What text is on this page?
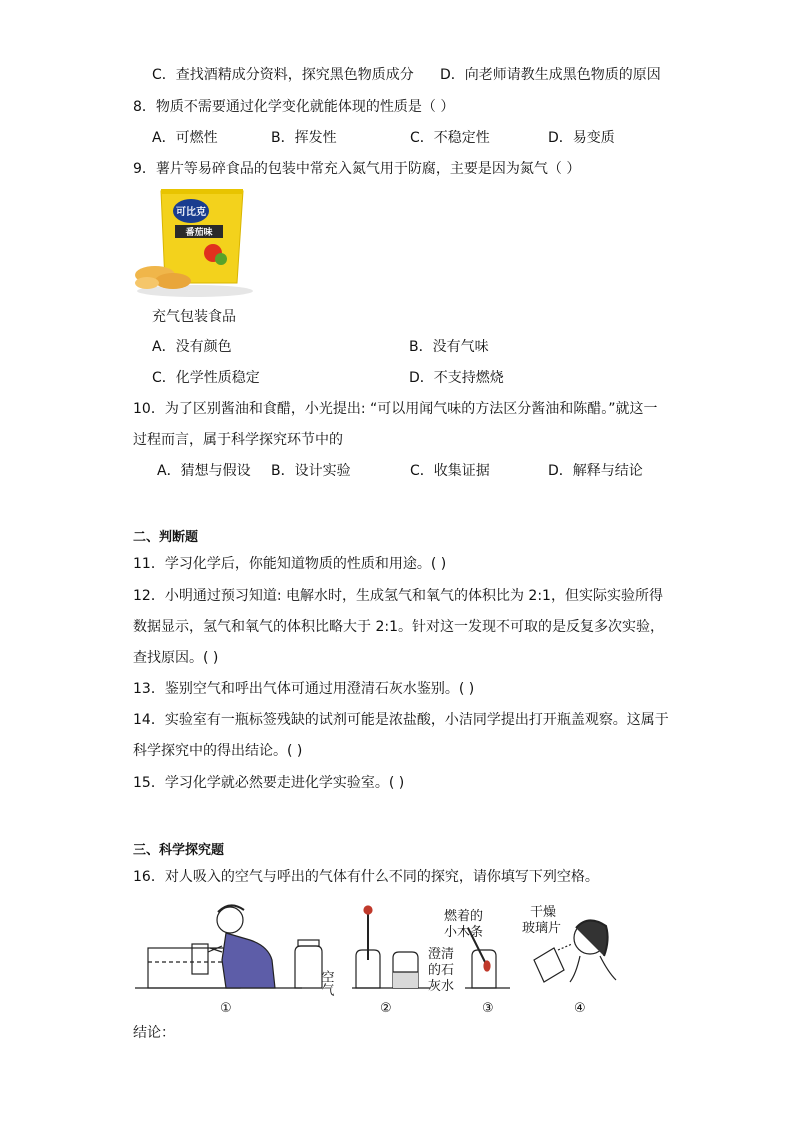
C．查找酒精成分资料，探究黑色物质成分 D．向老师请教生成黑色物质的原因
8．物质不需要通过化学变化就能体现的性质是（ ）
A．可燃性	B．挥发性	C．不稳定性	D．易变质
9．薯片等易碎食品的包装中常充入氮气用于防腐，主要是因为氮气（ ）
可比克
番茄味
充气包装食品
A．没有颜色	B．没有气味
C．化学性质稳定	D．不支持燃烧
10．为了区别酱油和食醋，小光提出: “可以用闻气味的方法区分酱油和陈醋。”就这一
过程而言，属于科学探究环节中的
A．猜想与假设 B．设计实验	C．收集证据	D．解释与结论
二、判断题
11．学习化学后，你能知道物质的性质和用途。( )
12．小明通过预习知道: 电解水时，生成氢气和氧气的体积比为 2:1，但实际实验所得
数据显示，氢气和氧气的体积比略大于 2:1。针对这一发现不可取的是反复多次实验，
查找原因。( )
13．鉴别空气和呼出气体可通过用澄清石灰水鉴别。( )
14．实验室有一瓶标签残缺的试剂可能是浓盐酸，小洁同学提出打开瓶盖观察。这属于
科学探究中的得出结论。( )
15．学习化学就必然要走进化学实验室。( )
三、科学探究题
16．对人吸入的空气与呼出的气体有什么不同的探究，请你填写下列空格。
空气
①
澄清
的石
灰水
②
燃着的
小木条
③
干燥
玻璃片
④
结论：
